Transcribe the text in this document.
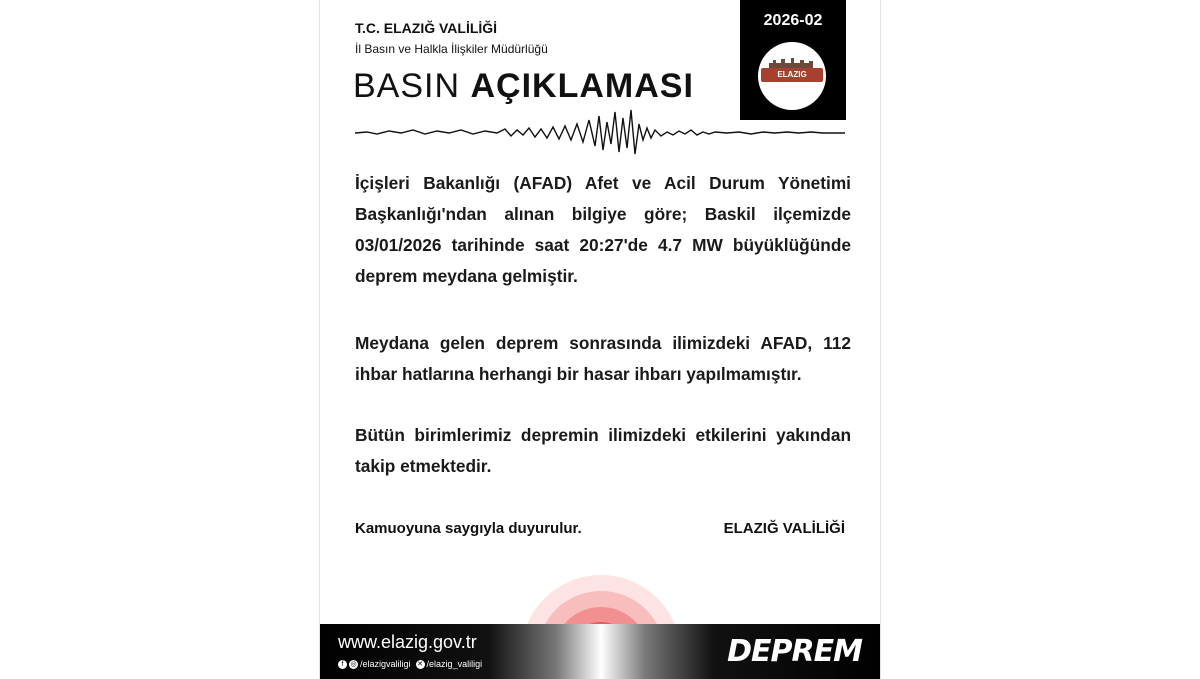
T.C. ELAZIĞ VALİLİĞİ
İl Basın ve Halkla İlişkiler Müdürlüğü
BASIN AÇIKLAMASI
2026-02
ELAZIG VALİLİĞİ

İçişleri Bakanlığı (AFAD) Afet ve Acil Durum Yönetimi Başkanlığı'ndan alınan bilgiye göre; Baskil ilçemizde 03/01/2026 tarihinde saat 20:27'de 4.7 MW büyüklüğünde deprem meydana gelmiştir.

Meydana gelen deprem sonrasında ilimizdeki AFAD, 112 ihbar hatlarına herhangi bir hasar ihbarı yapılmamıştır.

Bütün birimlerimiz depremin ilimizdeki etkilerini yakından takip etmektedir.

Kamuoyuna saygıyla duyurulur.	ELAZIĞ VALİLİĞİ
www.elazig.gov.tr
f ◎ /elazigvaliligi ✕ /elazig_valiligi	DEPREM
